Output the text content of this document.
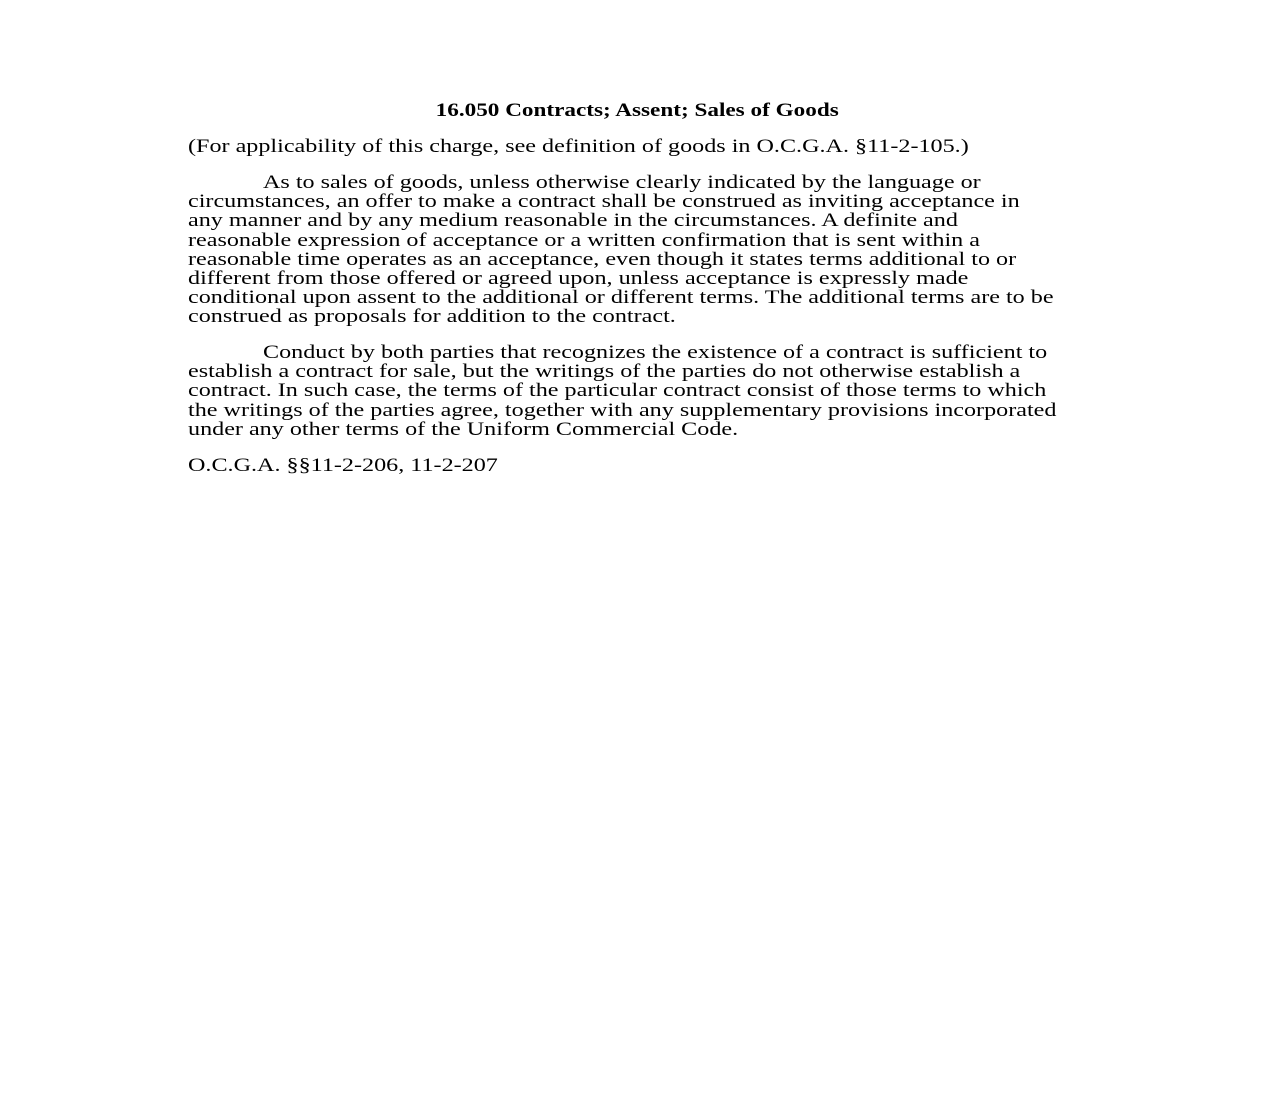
16.050 Contracts; Assent; Sales of Goods
(For applicability of this charge, see definition of goods in O.C.G.A. §11-2-105.)
As to sales of goods, unless otherwise clearly indicated by the language or
circumstances, an offer to make a contract shall be construed as inviting acceptance in
any manner and by any medium reasonable in the circumstances. A definite and
reasonable expression of acceptance or a written confirmation that is sent within a
reasonable time operates as an acceptance, even though it states terms additional to or
different from those offered or agreed upon, unless acceptance is expressly made
conditional upon assent to the additional or different terms. The additional terms are to be
construed as proposals for addition to the contract.
Conduct by both parties that recognizes the existence of a contract is sufficient to
establish a contract for sale, but the writings of the parties do not otherwise establish a
contract. In such case, the terms of the particular contract consist of those terms to which
the writings of the parties agree, together with any supplementary provisions incorporated
under any other terms of the Uniform Commercial Code.
O.C.G.A. §§11-2-206, 11-2-207
